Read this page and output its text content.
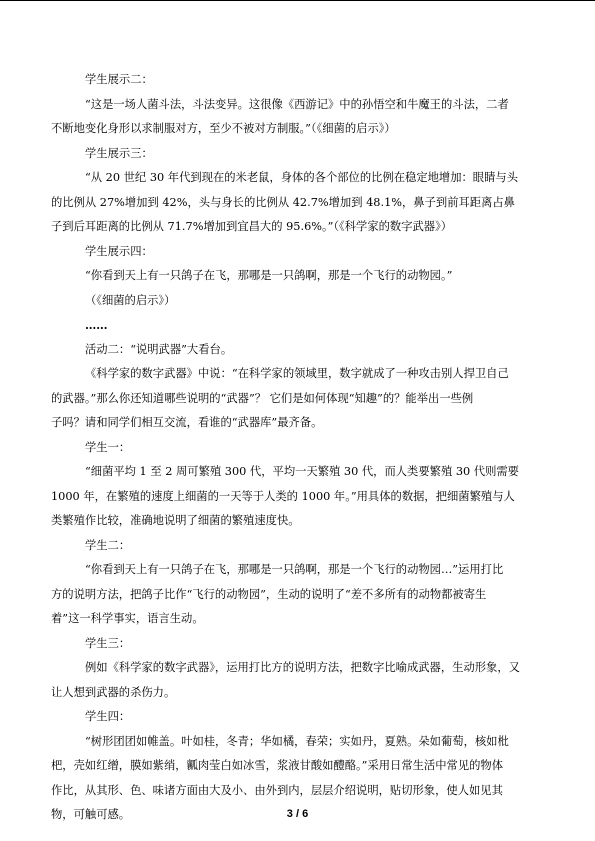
学生展示二：

“这是一场人菌斗法，斗法变异。这很像《西游记》中的孙悟空和牛魔王的斗法，二者

不断地变化身形以求制服对方，至少不被对方制服。”（《细菌的启示》）

学生展示三：

“从 20 世纪 30 年代到现在的米老鼠，身体的各个部位的比例在稳定地增加：眼睛与头

的比例从 27%增加到 42%，头与身长的比例从 42.7%增加到 48.1%，鼻子到前耳距离占鼻

子到后耳距离的比例从 71.7%增加到宜昌大的 95.6%。”（《科学家的数字武器》）

学生展示四：

“你看到天上有一只鸽子在飞，那哪是一只鸽啊，那是一个飞行的动物园。”

（《细菌的启示》）

……

活动二：“说明武器”大看台。

《科学家的数字武器》中说：“在科学家的领域里，数字就成了一种攻击别人捍卫自己

的武器。”那么你还知道哪些说明的“武器”？ 它们是如何体现“知趣”的？能举出一些例

子吗？请和同学们相互交流，看谁的“武器库”最齐备。

学生一：

“细菌平均 1 至 2 周可繁殖 300 代，平均一天繁殖 30 代，而人类要繁殖 30 代则需要

1000 年，在繁殖的速度上细菌的一天等于人类的 1000 年。”用具体的数据，把细菌繁殖与人

类繁殖作比较，准确地说明了细菌的繁殖速度快。

学生二：

“你看到天上有一只鸽子在飞，那哪是一只鸽啊，那是一个飞行的动物园…”运用打比

方的说明方法，把鸽子比作“飞行的动物园”，生动的说明了“差不多所有的动物都被寄生

着”这一科学事实，语言生动。

学生三：

例如《科学家的数字武器》，运用打比方的说明方法，把数字比喻成武器，生动形象，又

让人想到武器的杀伤力。

学生四：

“树形团团如帷盖。叶如桂，冬青；华如橘，春荣；实如丹，夏熟。朵如葡萄，核如枇

杷，壳如红缯，膜如紫绡，瓤肉莹白如冰雪，浆液甘酸如醴酪。”采用日常生活中常见的物体

作比，从其形、色、味诸方面由大及小、由外到内，层层介绍说明，贴切形象，使人如见其

物，可触可感。	3 / 6
